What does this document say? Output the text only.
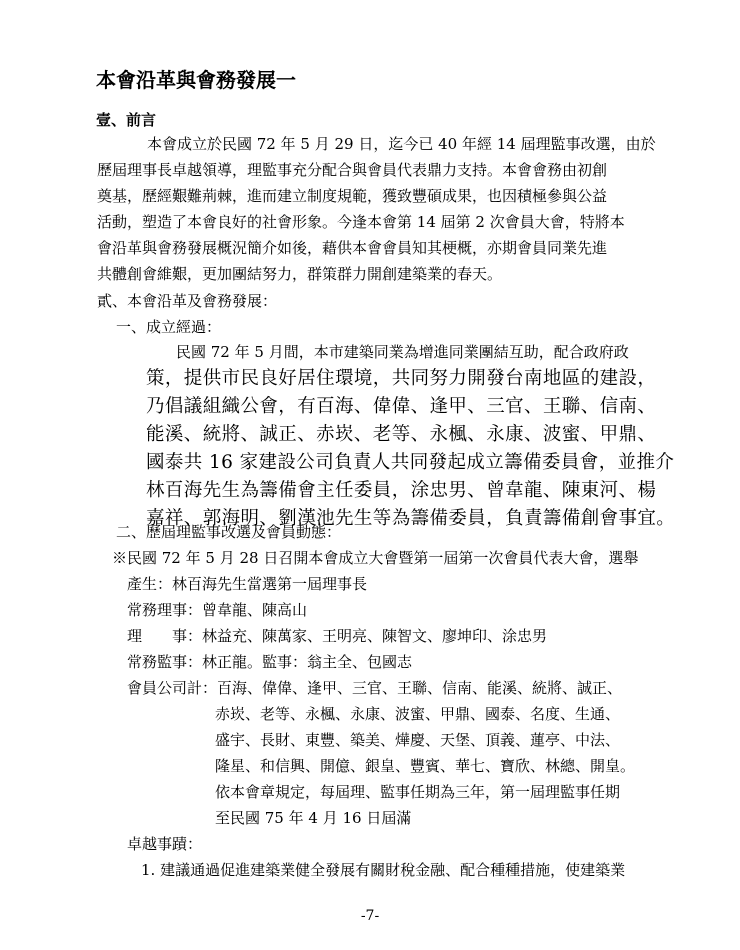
本會沿革與會務發展一
壹、前言
本會成立於民國 72 年 5 月 29 日，迄今已 40 年經 14 屆理監事改選，由於
歷屆理事長卓越領導，理監事充分配合與會員代表鼎力支持。本會會務由初創
奠基，歷經艱難荊棘，進而建立制度規範，獲致豐碩成果，也因積極參與公益
活動，塑造了本會良好的社會形象。今逢本會第 14 屆第 2 次會員大會，特將本
會沿革與會務發展概況簡介如後，藉供本會會員知其梗概，亦期會員同業先進
共體創會維艱，更加團結努力，群策群力開創建築業的春天。
貳、本會沿革及會務發展：
一、成立經過：
民國 72 年 5 月間，本市建築同業為增進同業團結互助，配合政府政
策，提供市民良好居住環境，共同努力開發台南地區的建設，
乃倡議組織公會，有百海、偉偉、逢甲、三官、王聯、信南、
能溪、統將、誠正、赤崁、老等、永楓、永康、波蜜、甲鼎、
國泰共 16 家建設公司負責人共同發起成立籌備委員會，並推介
林百海先生為籌備會主任委員，涂忠男、曾韋龍、陳東河、楊
嘉祥、郭海明、劉漢池先生等為籌備委員，負責籌備創會事宜。
二、歷屆理監事改選及會員動態：
※民國 72 年 5 月 28 日召開本會成立大會暨第一屆第一次會員代表大會，選舉
產生：林百海先生當選第一屆理事長
常務理事：曾韋龍、陳高山
理　　事：林益充、陳萬家、王明亮、陳智文、廖坤印、涂忠男
常務監事：林正龍。監事：翁主全、包國志
會員公司計：百海、偉偉、逢甲、三官、王聯、信南、能溪、統將、誠正、
赤崁、老等、永楓、永康、波蜜、甲鼎、國泰、名度、生通、
盛宇、長財、東豐、築美、燁慶、天堡、頂義、蓮亭、中法、
隆星、和信興、開億、銀皇、豐賓、華七、寶欣、林總、開皇。
依本會章規定，每屆理、監事任期為三年，第一屆理監事任期
至民國 75 年 4 月 16 日屆滿
卓越事蹟：
1. 建議通過促進建築業健全發展有關財稅金融、配合種種措施，使建築業
-7-
